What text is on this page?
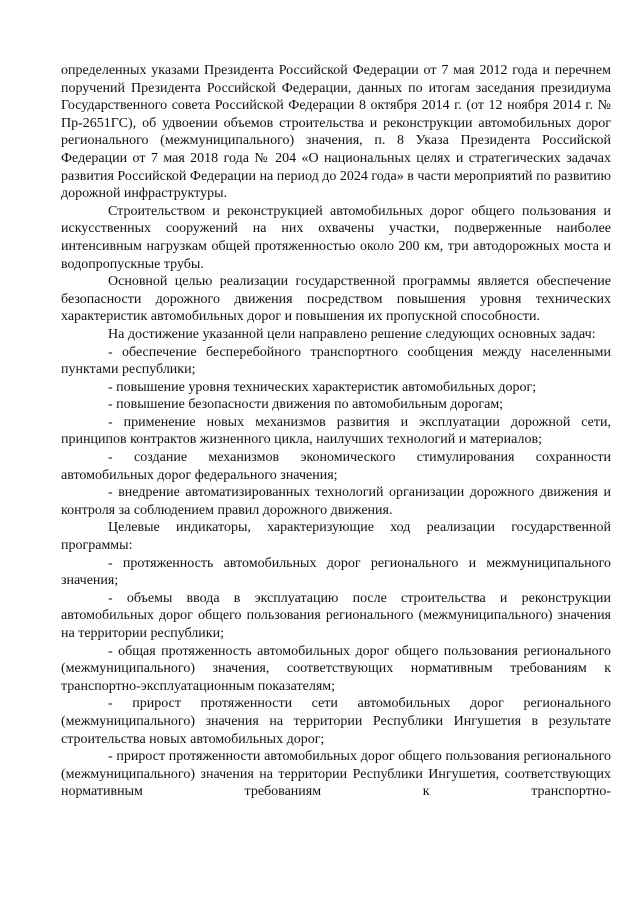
определенных указами Президента Российской Федерации от 7 мая 2012 года и перечнем поручений Президента Российской Федерации, данных по итогам заседания президиума Государственного совета Российской Федерации 8 октября 2014 г. (от 12 ноября 2014 г. № Пр-2651ГС), об удвоении объемов строительства и реконструкции автомобильных дорог регионального (межмуниципального) значения, п. 8 Указа Президента Российской Федерации от 7 мая 2018 года № 204 «О национальных целях и стратегических задачах развития Российской Федерации на период до 2024 года» в части мероприятий по развитию дорожной инфраструктуры.

Строительством и реконструкцией автомобильных дорог общего пользования и искусственных сооружений на них охвачены участки, подверженные наиболее интенсивным нагрузкам общей протяженностью около 200 км, три автодорожных моста и водопропускные трубы.

Основной целью реализации государственной программы является обеспечение безопасности дорожного движения посредством повышения уровня технических характеристик автомобильных дорог и повышения их пропускной способности.

На достижение указанной цели направлено решение следующих основных задач:

- обеспечение бесперебойного транспортного сообщения между населенными пунктами республики;

- повышение уровня технических характеристик автомобильных дорог;

- повышение безопасности движения по автомобильным дорогам;

- применение новых механизмов развития и эксплуатации дорожной сети, принципов контрактов жизненного цикла, наилучших технологий и материалов;

- создание механизмов экономического стимулирования сохранности автомобильных дорог федерального значения;

- внедрение автоматизированных технологий организации дорожного движения и контроля за соблюдением правил дорожного движения.

Целевые индикаторы, характеризующие ход реализации государственной программы:

- протяженность автомобильных дорог регионального и межмуниципального значения;

- объемы ввода в эксплуатацию после строительства и реконструкции автомобильных дорог общего пользования регионального (межмуниципального) значения на территории республики;

- общая протяженность автомобильных дорог общего пользования регионального (межмуниципального) значения, соответствующих нормативным требованиям к транспортно-эксплуатационным показателям;

- прирост протяженности сети автомобильных дорог регионального (межмуниципального) значения на территории Республики Ингушетия в результате строительства новых автомобильных дорог;

- прирост протяженности автомобильных дорог общего пользования регионального (межмуниципального) значения на территории Республики Ингушетия, соответствующих нормативным требованиям к транспортно-
